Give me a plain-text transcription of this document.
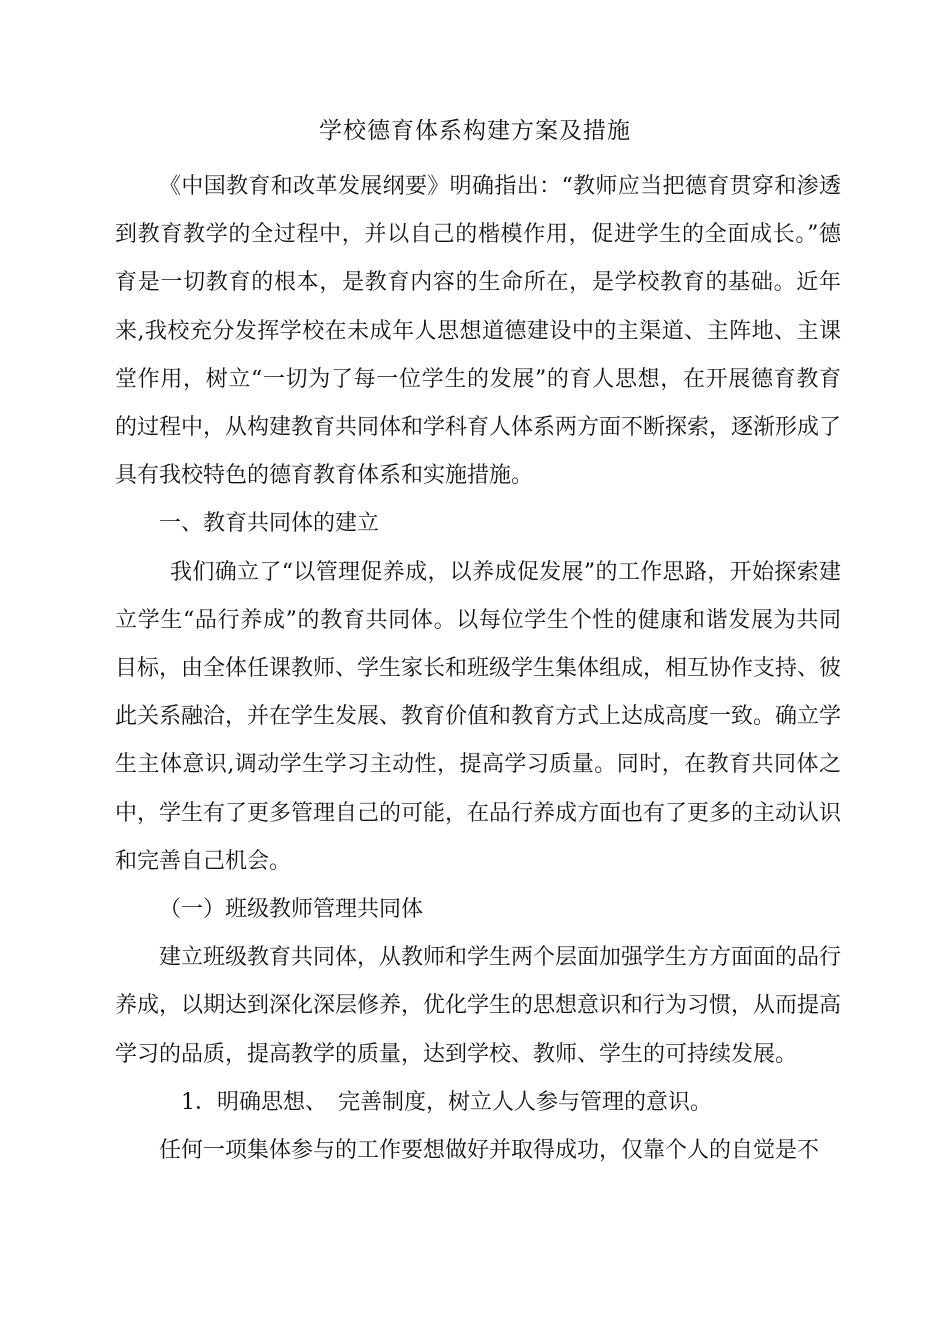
学校德育体系构建方案及措施

《中国教育和改革发展纲要》明确指出：“教师应当把德育贯穿和渗透到教育教学的全过程中，并以自己的楷模作用，促进学生的全面成长。”德育是一切教育的根本，是教育内容的生命所在，是学校教育的基础。近年来,我校充分发挥学校在未成年人思想道德建设中的主渠道、主阵地、主课堂作用，树立“一切为了每一位学生的发展”的育人思想，在开展德育教育的过程中，从构建教育共同体和学科育人体系两方面不断探索，逐渐形成了具有我校特色的德育教育体系和实施措施。

一、教育共同体的建立

我们确立了“以管理促养成，以养成促发展”的工作思路，开始探索建立学生“品行养成”的教育共同体。以每位学生个性的健康和谐发展为共同目标，由全体任课教师、学生家长和班级学生集体组成，相互协作支持、彼此关系融洽，并在学生发展、教育价值和教育方式上达成高度一致。确立学生主体意识,调动学生学习主动性，提高学习质量。同时，在教育共同体之中，学生有了更多管理自己的可能，在品行养成方面也有了更多的主动认识和完善自己机会。

（一）班级教师管理共同体

建立班级教育共同体，从教师和学生两个层面加强学生方方面面的品行养成，以期达到深化深层修养，优化学生的思想意识和行为习惯，从而提高学习的品质，提高教学的质量，达到学校、教师、学生的可持续发展。

1．明确思想、　完善制度，树立人人参与管理的意识。

任何一项集体参与的工作要想做好并取得成功，仅靠个人的自觉是不
